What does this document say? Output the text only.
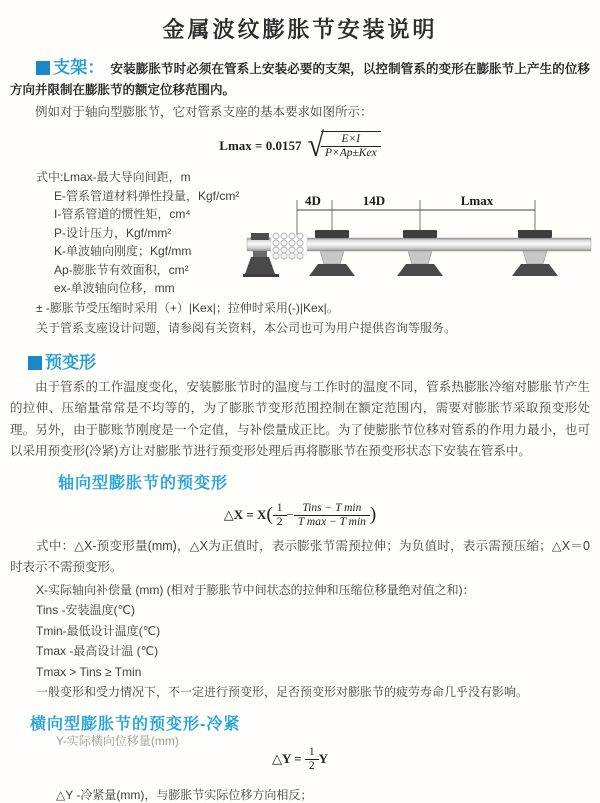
金属波纹膨胀节安装说明

支架： 安装膨胀节时必须在管系上安装必要的支架，以控制管系的变形在膨胀节上产生的位移方向并限制在膨胀节的额定位移范围内。

例如对于轴向型膨胀节，它对管系支座的基本要求如图所示：

Lmax = 0.0157 √
$\frac{E\times I}{\text{P×Ap±Kex}}$
式中:Lmax-最大导向间距，m
E-管系管道材料弹性投量，Kgf/cm²
I-管系管道的惯性矩，cm⁴
P-设计压力，Kgf/mm²
K-单波轴向刚度；Kgf/mm
Ap-膨胀节有效面积，cm²
ex-单波轴向位移，mm
± -膨胀节受压缩时采用（+）|Kex|；拉伸时采用(-)|Kex|。
关于管系支座设计问题，请参阅有关资料，本公司也可为用户提供咨询等服务。
4D	14D	Lmax

预变形

由于管系的工作温度变化，安装膨胀节时的温度与工作时的温度不同，管系热膨胀冷缩对膨胀节产生的拉伸、压缩量常常是不均等的，为了膨胀节变形范围控制在额定范围内，需要对膨胀节采取预变形处理。另外，由于膨账节刚度是一个定值，与补偿量成正比。为了使膨胀节位移对管系的作用力最小，也可以采用预变形(冷紧)方让对膨胀节进行预变形处理后再将膨胀节在预变形状态下安装在管系中。

轴向型膨胀节的预变形

△X = X ( $\frac{1}{2} - \frac{\text{Tins − T min}}{\text{T max − T min}}$ )

式中：△X-预变形量(mm)，△X为正值时，表示膨张节需预拉伸；为负值时，表示需预压缩；△X＝0时表示不需预变形。

X-实际轴向补偿量 (mm) (相对于膨胀节中间状态的拉伸和压缩位移量绝对值之和)：
Tins -安装温度(℃)
Tmin-最低设计温度(℃)
Tmax -最高设计温 (℃)
Tmax > Tins ≥ Tmin
一般变形和受力情况下，不一定进行预变形，足否预变形对膨胀节的疲劳寿命几乎没有影响。

横向型膨胀节的预变形-冷紧

△Y =
$\frac{1}{2}$ Y

△Y -冷紧量(mm)，与膨胀节实际位移方向相反；

Y-实际横向位移量(mm)
